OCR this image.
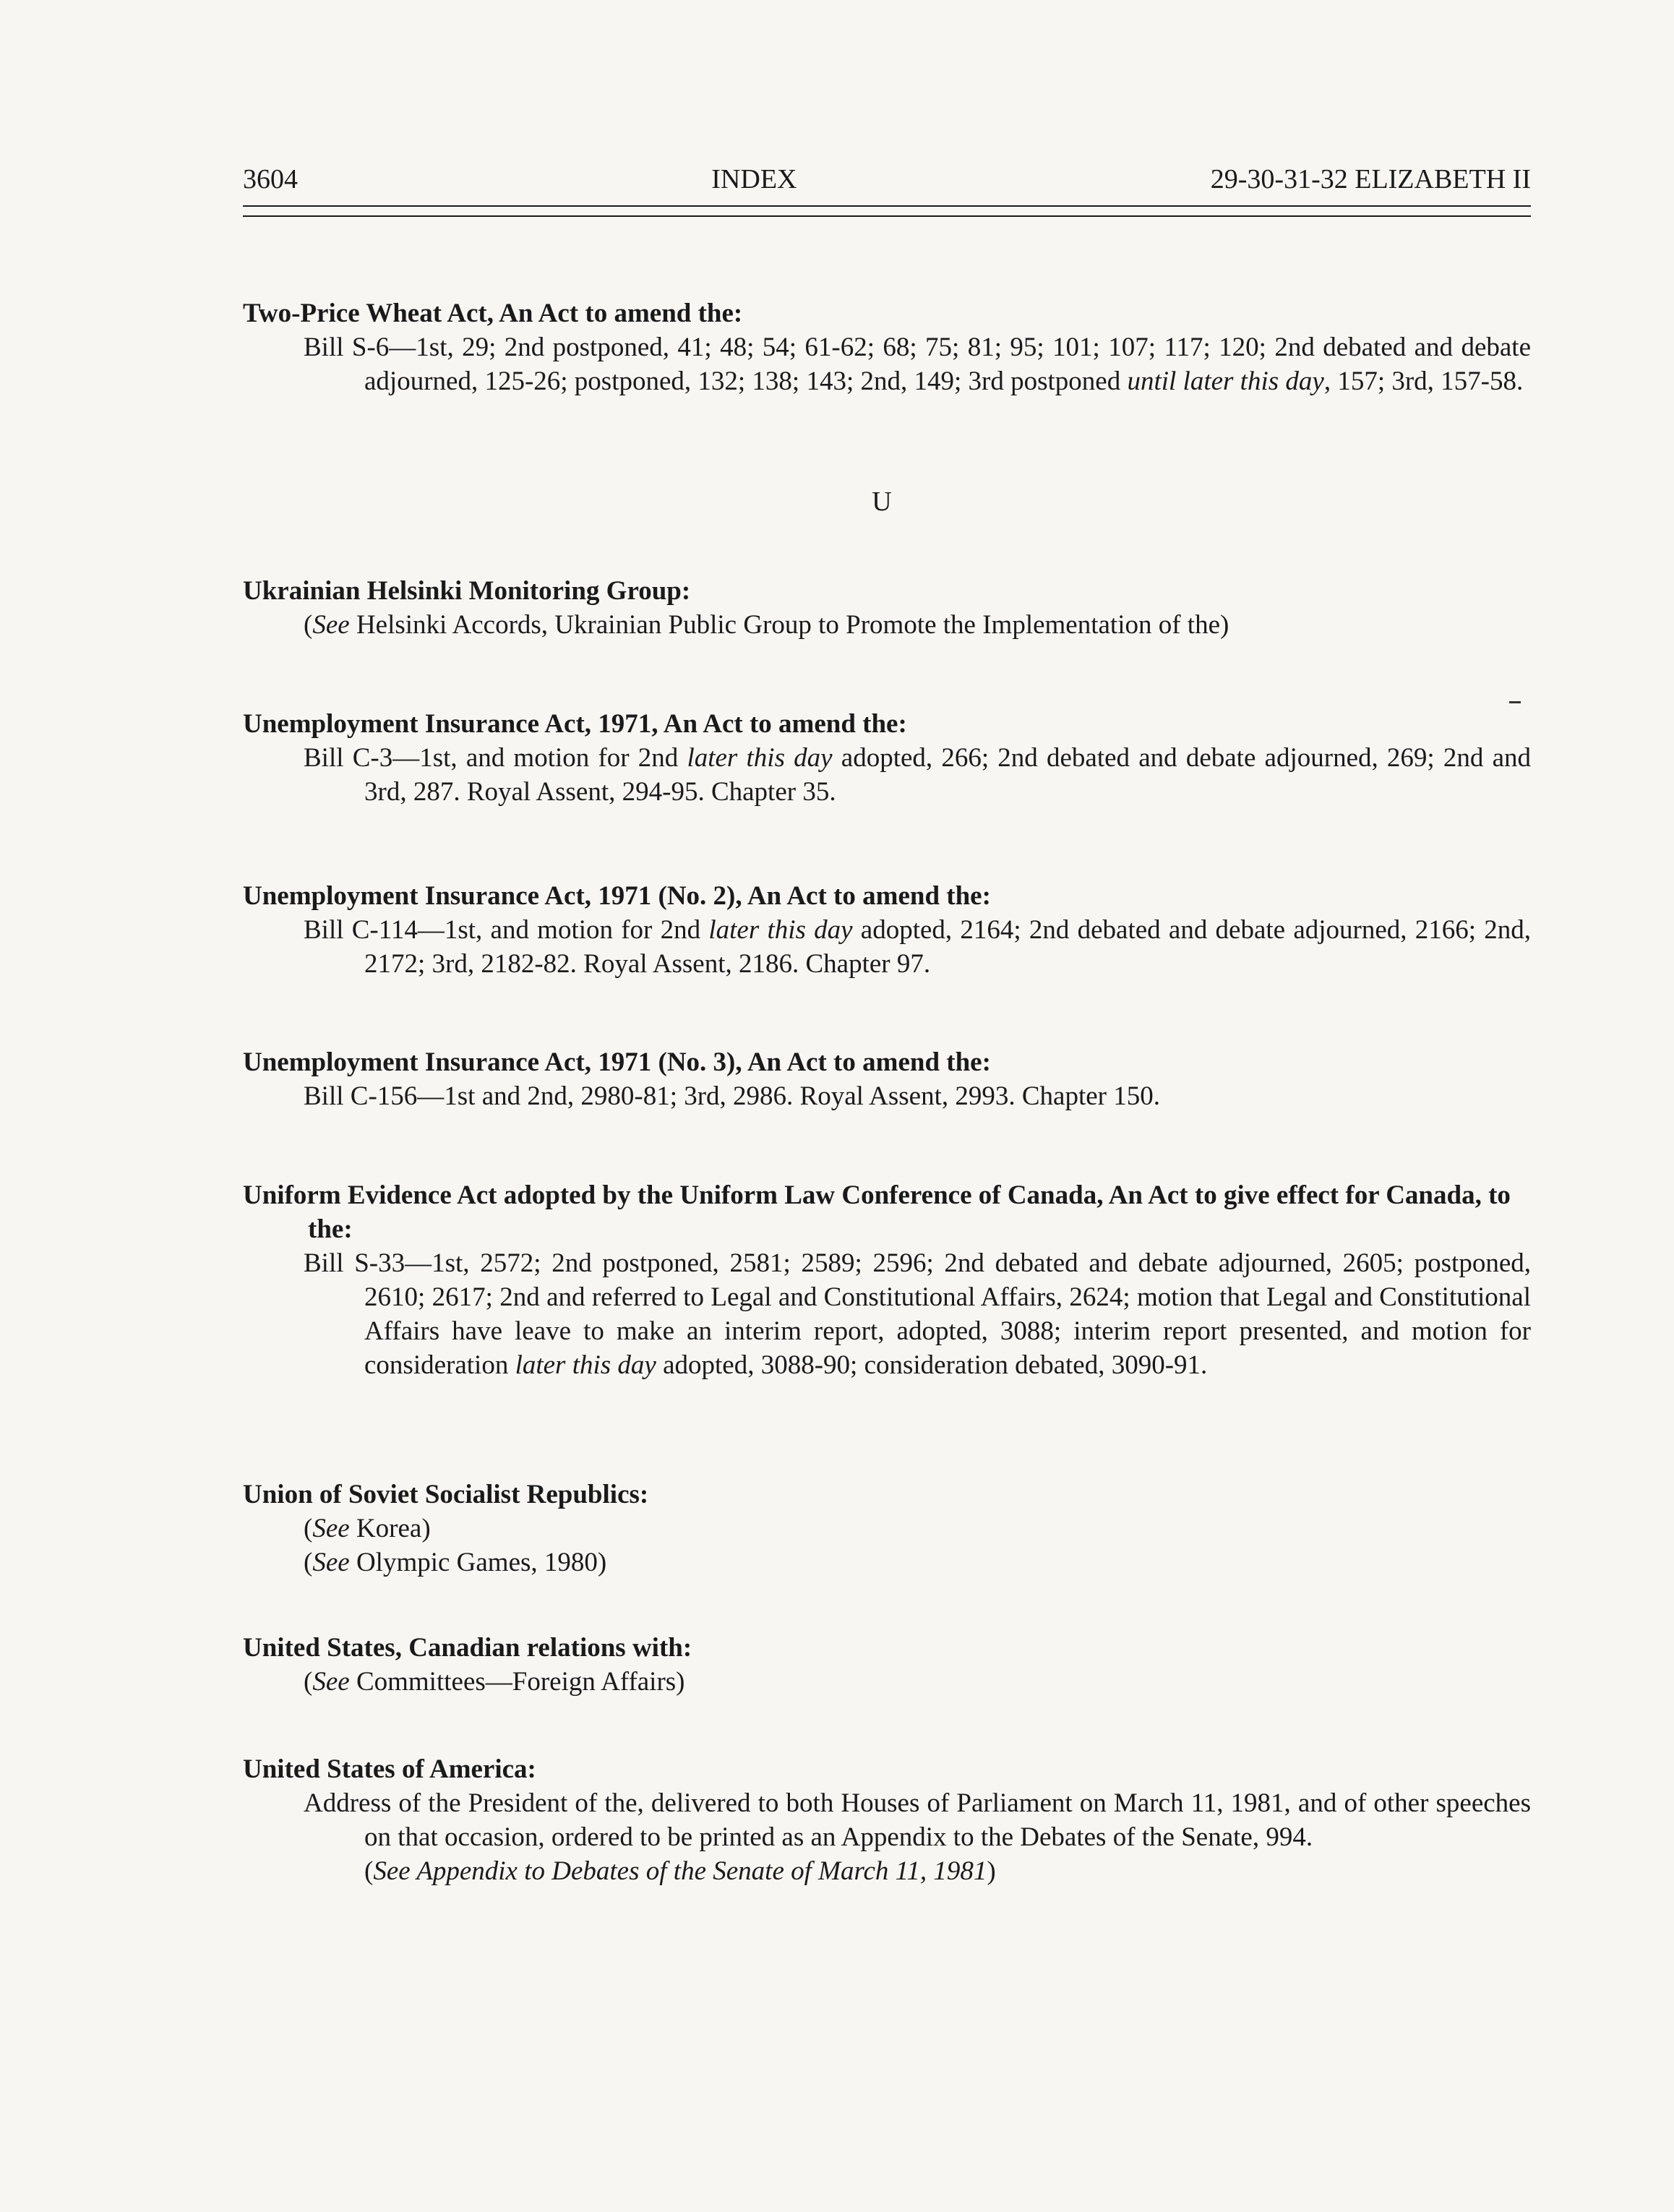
3604	INDEX	29-30-31-32 ELIZABETH II
U
Two-Price Wheat Act, An Act to amend the:
Bill S-6—1st, 29; 2nd postponed, 41; 48; 54; 61-62; 68; 75; 81; 95; 101; 107; 117; 120; 2nd debated and debate adjourned, 125-26; postponed, 132; 138; 143; 2nd, 149; 3rd postponed until later this day, 157; 3rd, 157-58.
Ukrainian Helsinki Monitoring Group:
(See Helsinki Accords, Ukrainian Public Group to Promote the Implementation of the)
Unemployment Insurance Act, 1971, An Act to amend the:
Bill C-3—1st, and motion for 2nd later this day adopted, 266; 2nd debated and debate adjourned, 269; 2nd and 3rd, 287. Royal Assent, 294-95. Chapter 35.
Unemployment Insurance Act, 1971 (No. 2), An Act to amend the:
Bill C-114—1st, and motion for 2nd later this day adopted, 2164; 2nd debated and debate adjourned, 2166; 2nd, 2172; 3rd, 2182-82. Royal Assent, 2186. Chapter 97.
Unemployment Insurance Act, 1971 (No. 3), An Act to amend the:
Bill C-156—1st and 2nd, 2980-81; 3rd, 2986. Royal Assent, 2993. Chapter 150.
Uniform Evidence Act adopted by the Uniform Law Conference of Canada, An Act to give effect for Canada, to the:
Bill S-33—1st, 2572; 2nd postponed, 2581; 2589; 2596; 2nd debated and debate adjourned, 2605; postponed, 2610; 2617; 2nd and referred to Legal and Constitutional Affairs, 2624; motion that Legal and Constitutional Affairs have leave to make an interim report, adopted, 3088; interim report presented, and motion for consideration later this day adopted, 3088-90; consideration debated, 3090-91.
Union of Soviet Socialist Republics:
(See Korea)
(See Olympic Games, 1980)
United States, Canadian relations with:
(See Committees—Foreign Affairs)
United States of America:
Address of the President of the, delivered to both Houses of Parliament on March 11, 1981, and of other speeches on that occasion, ordered to be printed as an Appendix to the Debates of the Senate, 994.
(See Appendix to Debates of the Senate of March 11, 1981)
